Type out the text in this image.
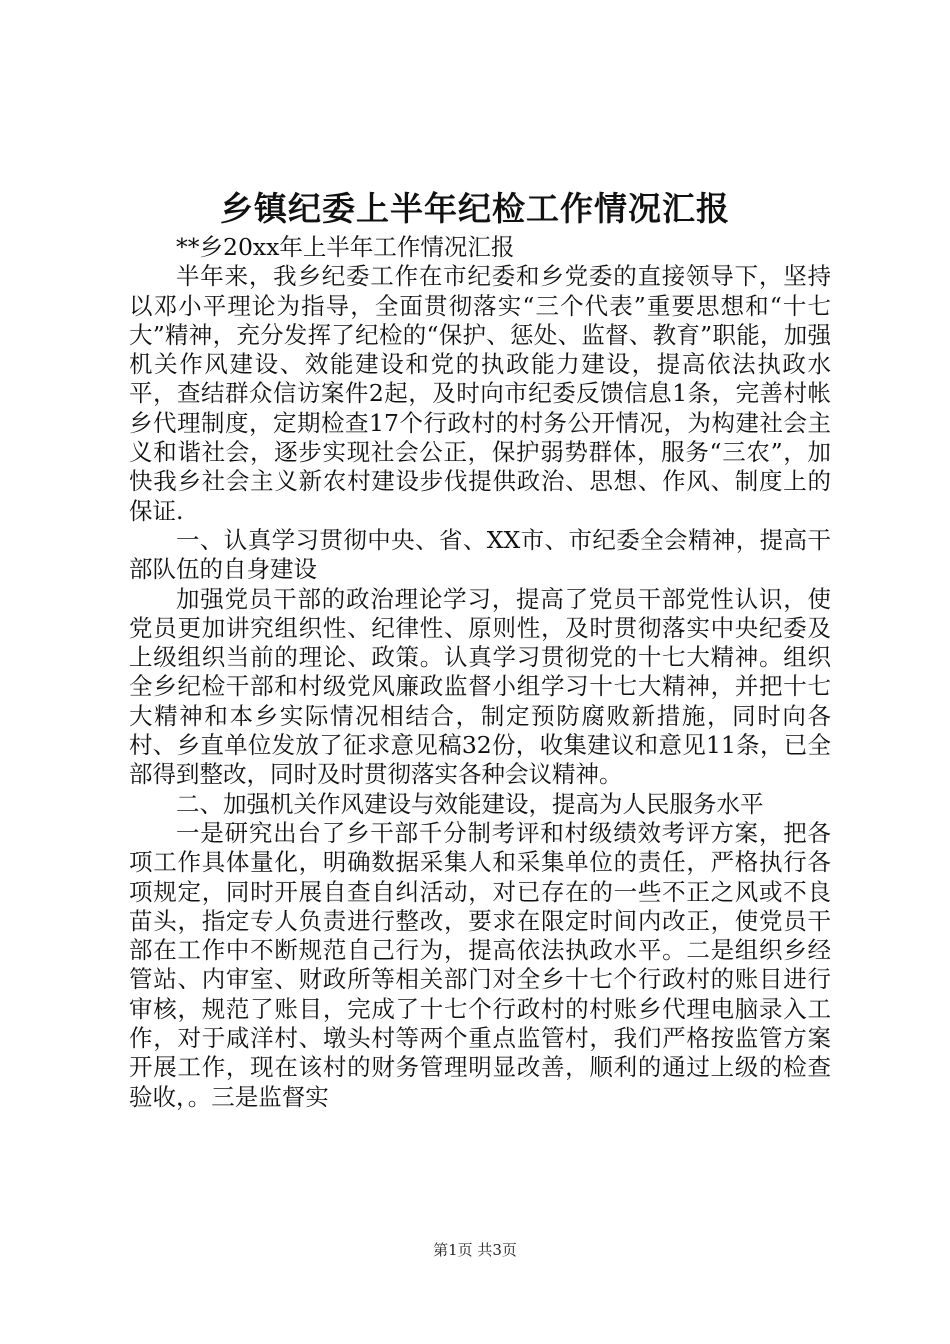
乡镇纪委上半年纪检工作情况汇报

**乡20xx年上半年工作情况汇报

半年来，我乡纪委工作在市纪委和乡党委的直接领导下，坚持以邓小平理论为指导，全面贯彻落实“三个代表”重要思想和“十七大”精神，充分发挥了纪检的“保护、惩处、监督、教育”职能，加强机关作风建设、效能建设和党的执政能力建设，提高依法执政水平，查结群众信访案件2起，及时向市纪委反馈信息1条，完善村帐乡代理制度，定期检查17个行政村的村务公开情况，为构建社会主义和谐社会，逐步实现社会公正，保护弱势群体，服务“三农”，加快我乡社会主义新农村建设步伐提供政治、思想、作风、制度上的保证.

一、认真学习贯彻中央、省、XX市、市纪委全会精神，提高干部队伍的自身建设

加强党员干部的政治理论学习，提高了党员干部党性认识，使党员更加讲究组织性、纪律性、原则性，及时贯彻落实中央纪委及上级组织当前的理论、政策。认真学习贯彻党的十七大精神。组织全乡纪检干部和村级党风廉政监督小组学习十七大精神，并把十七大精神和本乡实际情况相结合，制定预防腐败新措施，同时向各村、乡直单位发放了征求意见稿32份，收集建议和意见11条，已全部得到整改，同时及时贯彻落实各种会议精神。

二、加强机关作风建设与效能建设，提高为人民服务水平

一是研究出台了乡干部千分制考评和村级绩效考评方案，把各项工作具体量化，明确数据采集人和采集单位的责任，严格执行各项规定，同时开展自查自纠活动，对已存在的一些不正之风或不良苗头，指定专人负责进行整改，要求在限定时间内改正，使党员干部在工作中不断规范自己行为，提高依法执政水平。二是组织乡经管站、内审室、财政所等相关部门对全乡十七个行政村的账目进行审核，规范了账目，完成了十七个行政村的村账乡代理电脑录入工作，对于咸洋村、墩头村等两个重点监管村，我们严格按监管方案开展工作，现在该村的财务管理明显改善，顺利的通过上级的检查验收，。三是监督实

第1页 共3页
